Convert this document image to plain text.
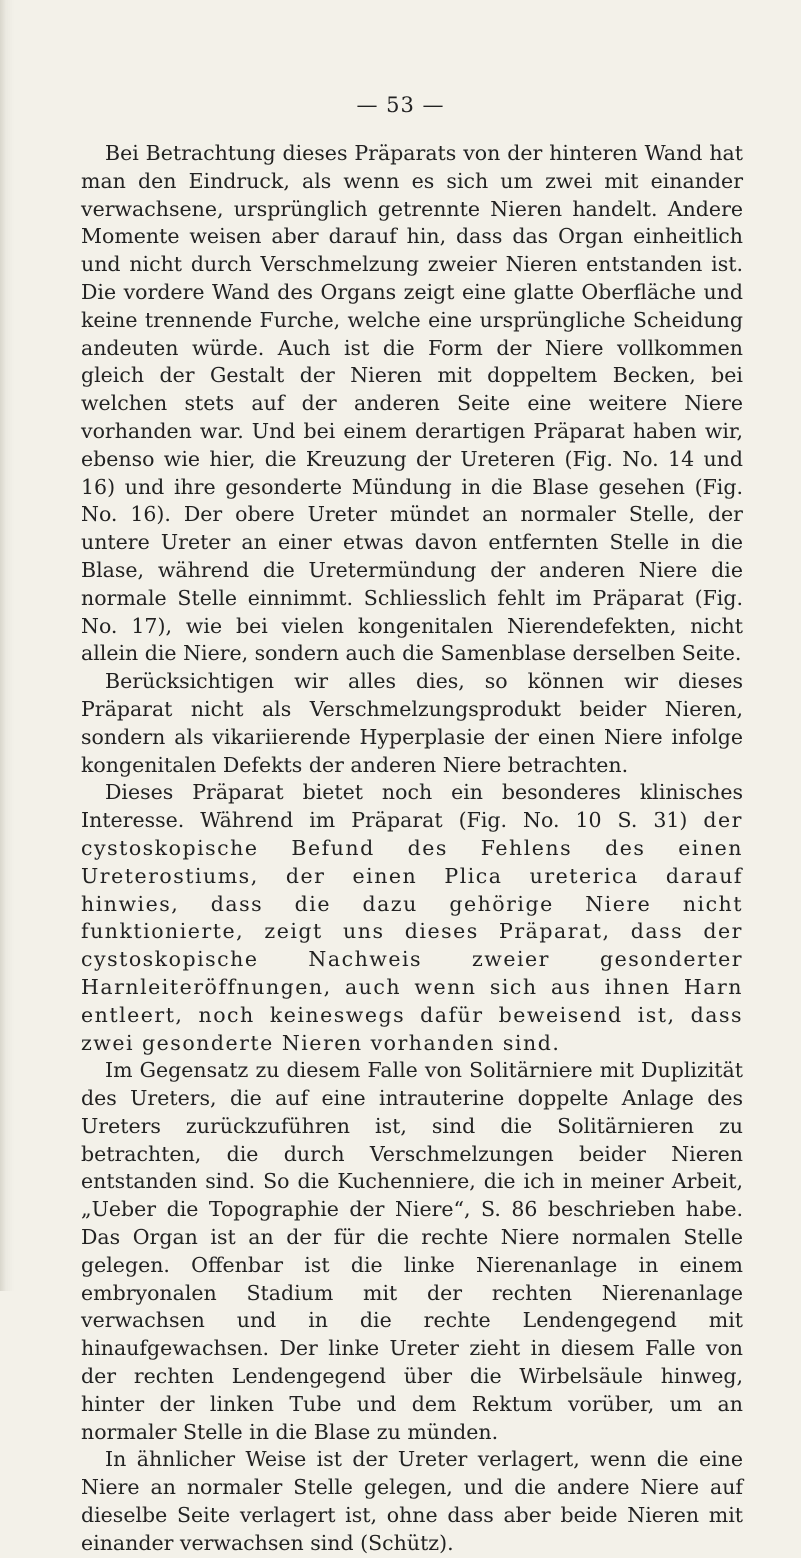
— 53 —

Bei Betrachtung dieses Präparats von der hinteren Wand hat man den Eindruck, als wenn es sich um zwei mit einander verwachsene, ursprünglich getrennte Nieren handelt. Andere Momente weisen aber darauf hin, dass das Organ einheitlich und nicht durch Verschmelzung zweier Nieren entstanden ist. Die vordere Wand des Organs zeigt eine glatte Oberfläche und keine trennende Furche, welche eine ursprüngliche Scheidung andeuten würde. Auch ist die Form der Niere vollkommen gleich der Gestalt der Nieren mit doppeltem Becken, bei welchen stets auf der anderen Seite eine weitere Niere vorhanden war. Und bei einem derartigen Präparat haben wir, ebenso wie hier, die Kreuzung der Ureteren (Fig. No. 14 und 16) und ihre gesonderte Mündung in die Blase gesehen (Fig. No. 16). Der obere Ureter mündet an normaler Stelle, der untere Ureter an einer etwas davon entfernten Stelle in die Blase, während die Uretermündung der anderen Niere die normale Stelle einnimmt. Schliesslich fehlt im Präparat (Fig. No. 17), wie bei vielen kongenitalen Nierendefekten, nicht allein die Niere, sondern auch die Samenblase derselben Seite.

Berücksichtigen wir alles dies, so können wir dieses Präparat nicht als Verschmelzungsprodukt beider Nieren, sondern als vikariierende Hyperplasie der einen Niere infolge kongenitalen Defekts der anderen Niere betrachten.

Dieses Präparat bietet noch ein besonderes klinisches Interesse. Während im Präparat (Fig. No. 10 S. 31) der cystoskopische Befund des Fehlens des einen Ureterostiums, der einen Plica ureterica darauf hinwies, dass die dazu gehörige Niere nicht funktionierte, zeigt uns dieses Präparat, dass der cystoskopische Nachweis zweier gesonderter Harnleiteröffnungen, auch wenn sich aus ihnen Harn entleert, noch keineswegs dafür beweisend ist, dass zwei gesonderte Nieren vorhanden sind.

Im Gegensatz zu diesem Falle von Solitärniere mit Duplizität des Ureters, die auf eine intrauterine doppelte Anlage des Ureters zurückzuführen ist, sind die Solitärnieren zu betrachten, die durch Verschmelzungen beider Nieren entstanden sind. So die Kuchenniere, die ich in meiner Arbeit, „Ueber die Topographie der Niere“, S. 86 beschrieben habe. Das Organ ist an der für die rechte Niere normalen Stelle gelegen. Offenbar ist die linke Nierenanlage in einem embryonalen Stadium mit der rechten Nierenanlage verwachsen und in die rechte Lendengegend mit hinaufgewachsen. Der linke Ureter zieht in diesem Falle von der rechten Lendengegend über die Wirbelsäule hinweg, hinter der linken Tube und dem Rektum vorüber, um an normaler Stelle in die Blase zu münden.

In ähnlicher Weise ist der Ureter verlagert, wenn die eine Niere an normaler Stelle gelegen, und die andere Niere auf dieselbe Seite verlagert ist, ohne dass aber beide Nieren mit einander verwachsen sind (Schütz).
